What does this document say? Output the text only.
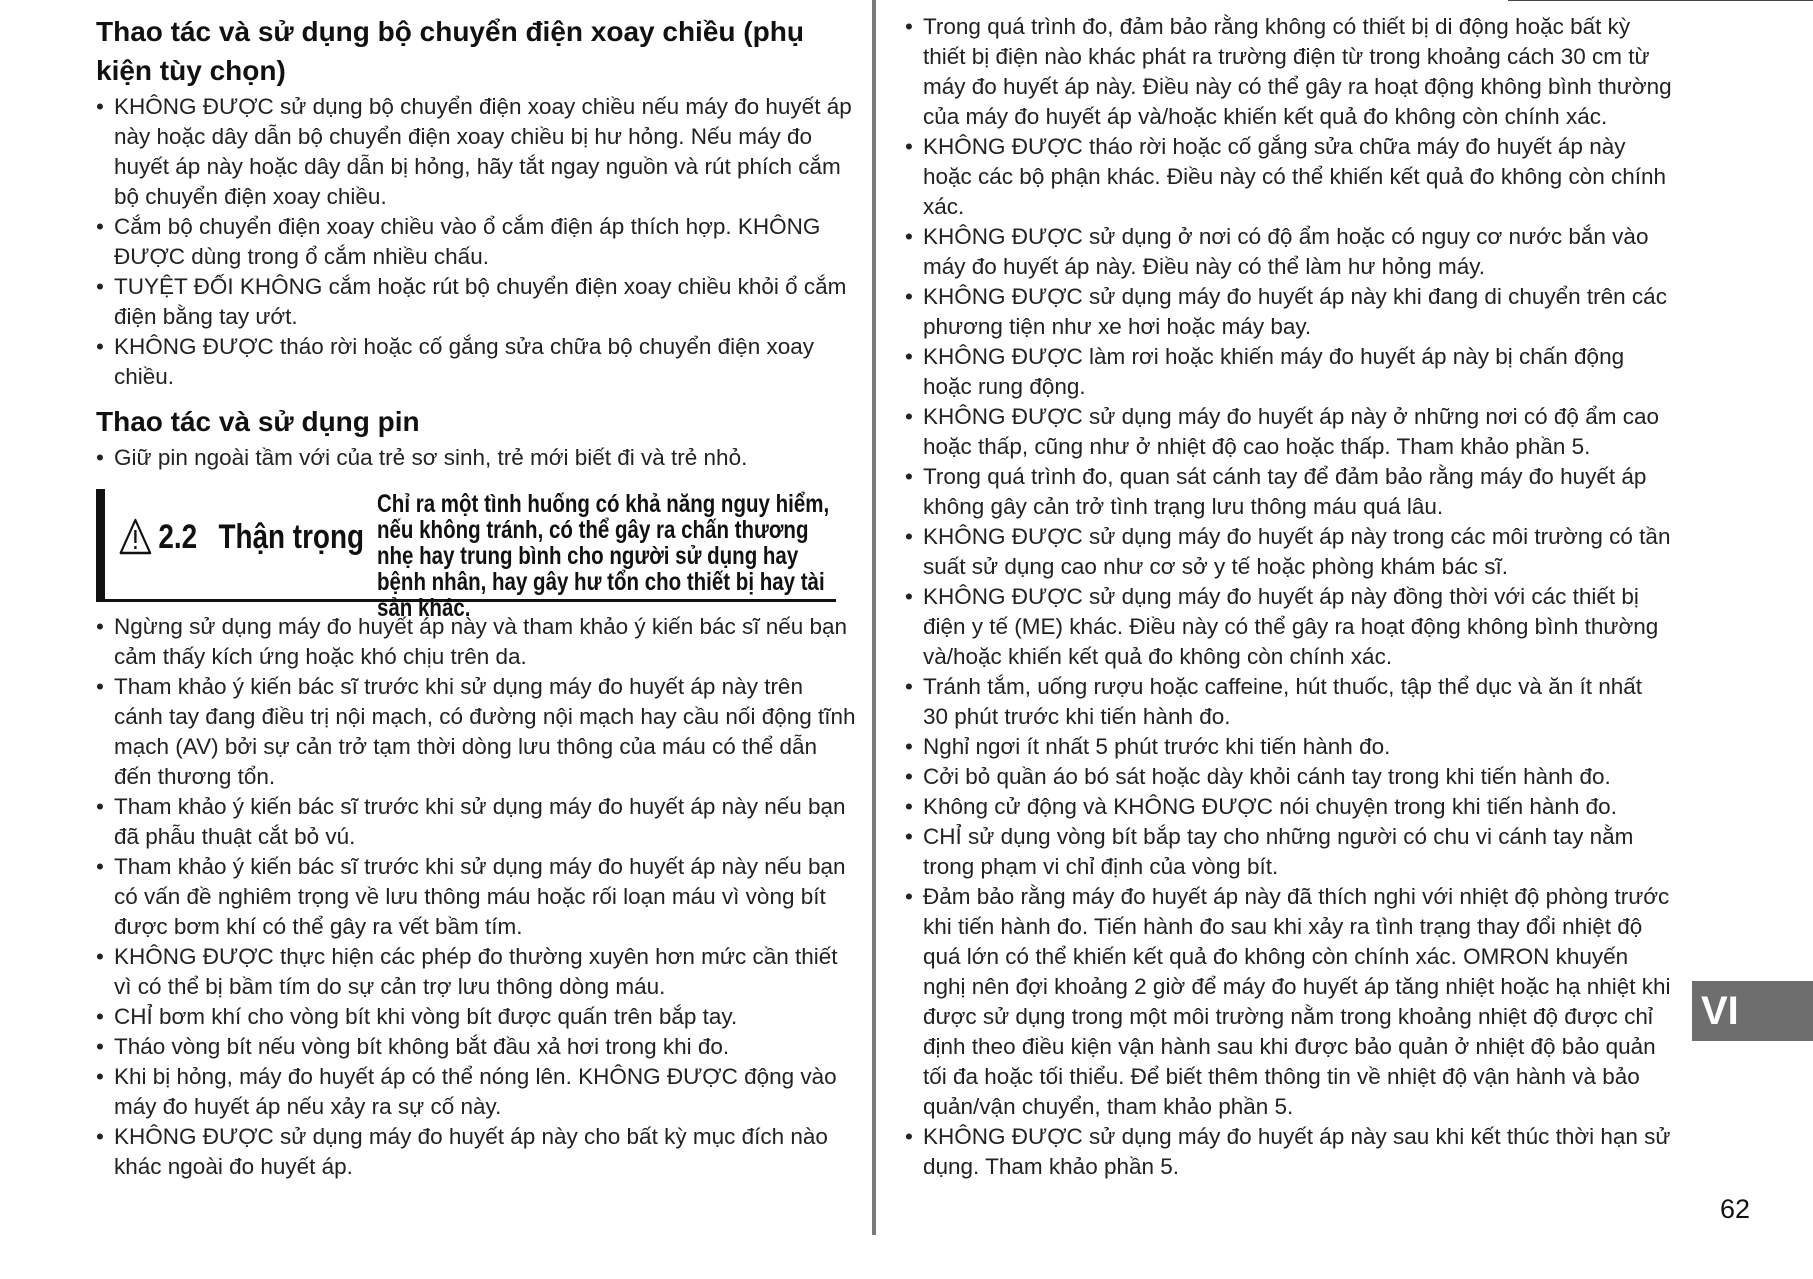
Thao tác và sử dụng bộ chuyển điện xoay chiều (phụ kiện tùy chọn)
• KHÔNG ĐƯỢC sử dụng bộ chuyển điện xoay chiều nếu máy đo huyết áp này hoặc dây dẫn bộ chuyển điện xoay chiều bị hư hỏng. Nếu máy đo huyết áp này hoặc dây dẫn bị hỏng, hãy tắt ngay nguồn và rút phích cắm bộ chuyển điện xoay chiều.
• Cắm bộ chuyển điện xoay chiều vào ổ cắm điện áp thích hợp. KHÔNG ĐƯỢC dùng trong ổ cắm nhiều chấu.
• TUYỆT ĐỐI KHÔNG cắm hoặc rút bộ chuyển điện xoay chiều khỏi ổ cắm điện bằng tay ướt.
• KHÔNG ĐƯỢC tháo rời hoặc cố gắng sửa chữa bộ chuyển điện xoay chiều.
Thao tác và sử dụng pin
• Giữ pin ngoài tầm với của trẻ sơ sinh, trẻ mới biết đi và trẻ nhỏ.
2.2 Thận trọng
Chỉ ra một tình huống có khả năng nguy hiểm, nếu không tránh, có thể gây ra chấn thương nhẹ hay trung bình cho người sử dụng hay bệnh nhân, hay gây hư tổn cho thiết bị hay tài sản khác.
• Ngừng sử dụng máy đo huyết áp này và tham khảo ý kiến bác sĩ nếu bạn cảm thấy kích ứng hoặc khó chịu trên da.
• Tham khảo ý kiến bác sĩ trước khi sử dụng máy đo huyết áp này trên cánh tay đang điều trị nội mạch, có đường nội mạch hay cầu nối động tĩnh mạch (AV) bởi sự cản trở tạm thời dòng lưu thông của máu có thể dẫn đến thương tổn.
• Tham khảo ý kiến bác sĩ trước khi sử dụng máy đo huyết áp này nếu bạn đã phẫu thuật cắt bỏ vú.
• Tham khảo ý kiến bác sĩ trước khi sử dụng máy đo huyết áp này nếu bạn có vấn đề nghiêm trọng về lưu thông máu hoặc rối loạn máu vì vòng bít được bơm khí có thể gây ra vết bầm tím.
• KHÔNG ĐƯỢC thực hiện các phép đo thường xuyên hơn mức cần thiết vì có thể bị bầm tím do sự cản trợ lưu thông dòng máu.
• CHỈ bơm khí cho vòng bít khi vòng bít được quấn trên bắp tay.
• Tháo vòng bít nếu vòng bít không bắt đầu xả hơi trong khi đo.
• Khi bị hỏng, máy đo huyết áp có thể nóng lên. KHÔNG ĐƯỢC động vào máy đo huyết áp nếu xảy ra sự cố này.
• KHÔNG ĐƯỢC sử dụng máy đo huyết áp này cho bất kỳ mục đích nào khác ngoài đo huyết áp.
• Trong quá trình đo, đảm bảo rằng không có thiết bị di động hoặc bất kỳ thiết bị điện nào khác phát ra trường điện từ trong khoảng cách 30 cm từ máy đo huyết áp này. Điều này có thể gây ra hoạt động không bình thường của máy đo huyết áp và/hoặc khiến kết quả đo không còn chính xác.
• KHÔNG ĐƯỢC tháo rời hoặc cố gắng sửa chữa máy đo huyết áp này hoặc các bộ phận khác. Điều này có thể khiến kết quả đo không còn chính xác.
• KHÔNG ĐƯỢC sử dụng ở nơi có độ ẩm hoặc có nguy cơ nước bắn vào máy đo huyết áp này. Điều này có thể làm hư hỏng máy.
• KHÔNG ĐƯỢC sử dụng máy đo huyết áp này khi đang di chuyển trên các phương tiện như xe hơi hoặc máy bay.
• KHÔNG ĐƯỢC làm rơi hoặc khiến máy đo huyết áp này bị chấn động hoặc rung động.
• KHÔNG ĐƯỢC sử dụng máy đo huyết áp này ở những nơi có độ ẩm cao hoặc thấp, cũng như ở nhiệt độ cao hoặc thấp. Tham khảo phần 5.
• Trong quá trình đo, quan sát cánh tay để đảm bảo rằng máy đo huyết áp không gây cản trở tình trạng lưu thông máu quá lâu.
• KHÔNG ĐƯỢC sử dụng máy đo huyết áp này trong các môi trường có tần suất sử dụng cao như cơ sở y tế hoặc phòng khám bác sĩ.
• KHÔNG ĐƯỢC sử dụng máy đo huyết áp này đồng thời với các thiết bị điện y tế (ME) khác. Điều này có thể gây ra hoạt động không bình thường và/hoặc khiến kết quả đo không còn chính xác.
• Tránh tắm, uống rượu hoặc caffeine, hút thuốc, tập thể dục và ăn ít nhất 30 phút trước khi tiến hành đo.
• Nghỉ ngơi ít nhất 5 phút trước khi tiến hành đo.
• Cởi bỏ quần áo bó sát hoặc dày khỏi cánh tay trong khi tiến hành đo.
• Không cử động và KHÔNG ĐƯỢC nói chuyện trong khi tiến hành đo.
• CHỈ sử dụng vòng bít bắp tay cho những người có chu vi cánh tay nằm trong phạm vi chỉ định của vòng bít.
• Đảm bảo rằng máy đo huyết áp này đã thích nghi với nhiệt độ phòng trước khi tiến hành đo. Tiến hành đo sau khi xảy ra tình trạng thay đổi nhiệt độ quá lớn có thể khiến kết quả đo không còn chính xác. OMRON khuyến nghị nên đợi khoảng 2 giờ để máy đo huyết áp tăng nhiệt hoặc hạ nhiệt khi được sử dụng trong một môi trường nằm trong khoảng nhiệt độ được chỉ định theo điều kiện vận hành sau khi được bảo quản ở nhiệt độ bảo quản tối đa hoặc tối thiểu. Để biết thêm thông tin về nhiệt độ vận hành và bảo quản/vận chuyển, tham khảo phần 5.
• KHÔNG ĐƯỢC sử dụng máy đo huyết áp này sau khi kết thúc thời hạn sử dụng. Tham khảo phần 5.
VI
62
